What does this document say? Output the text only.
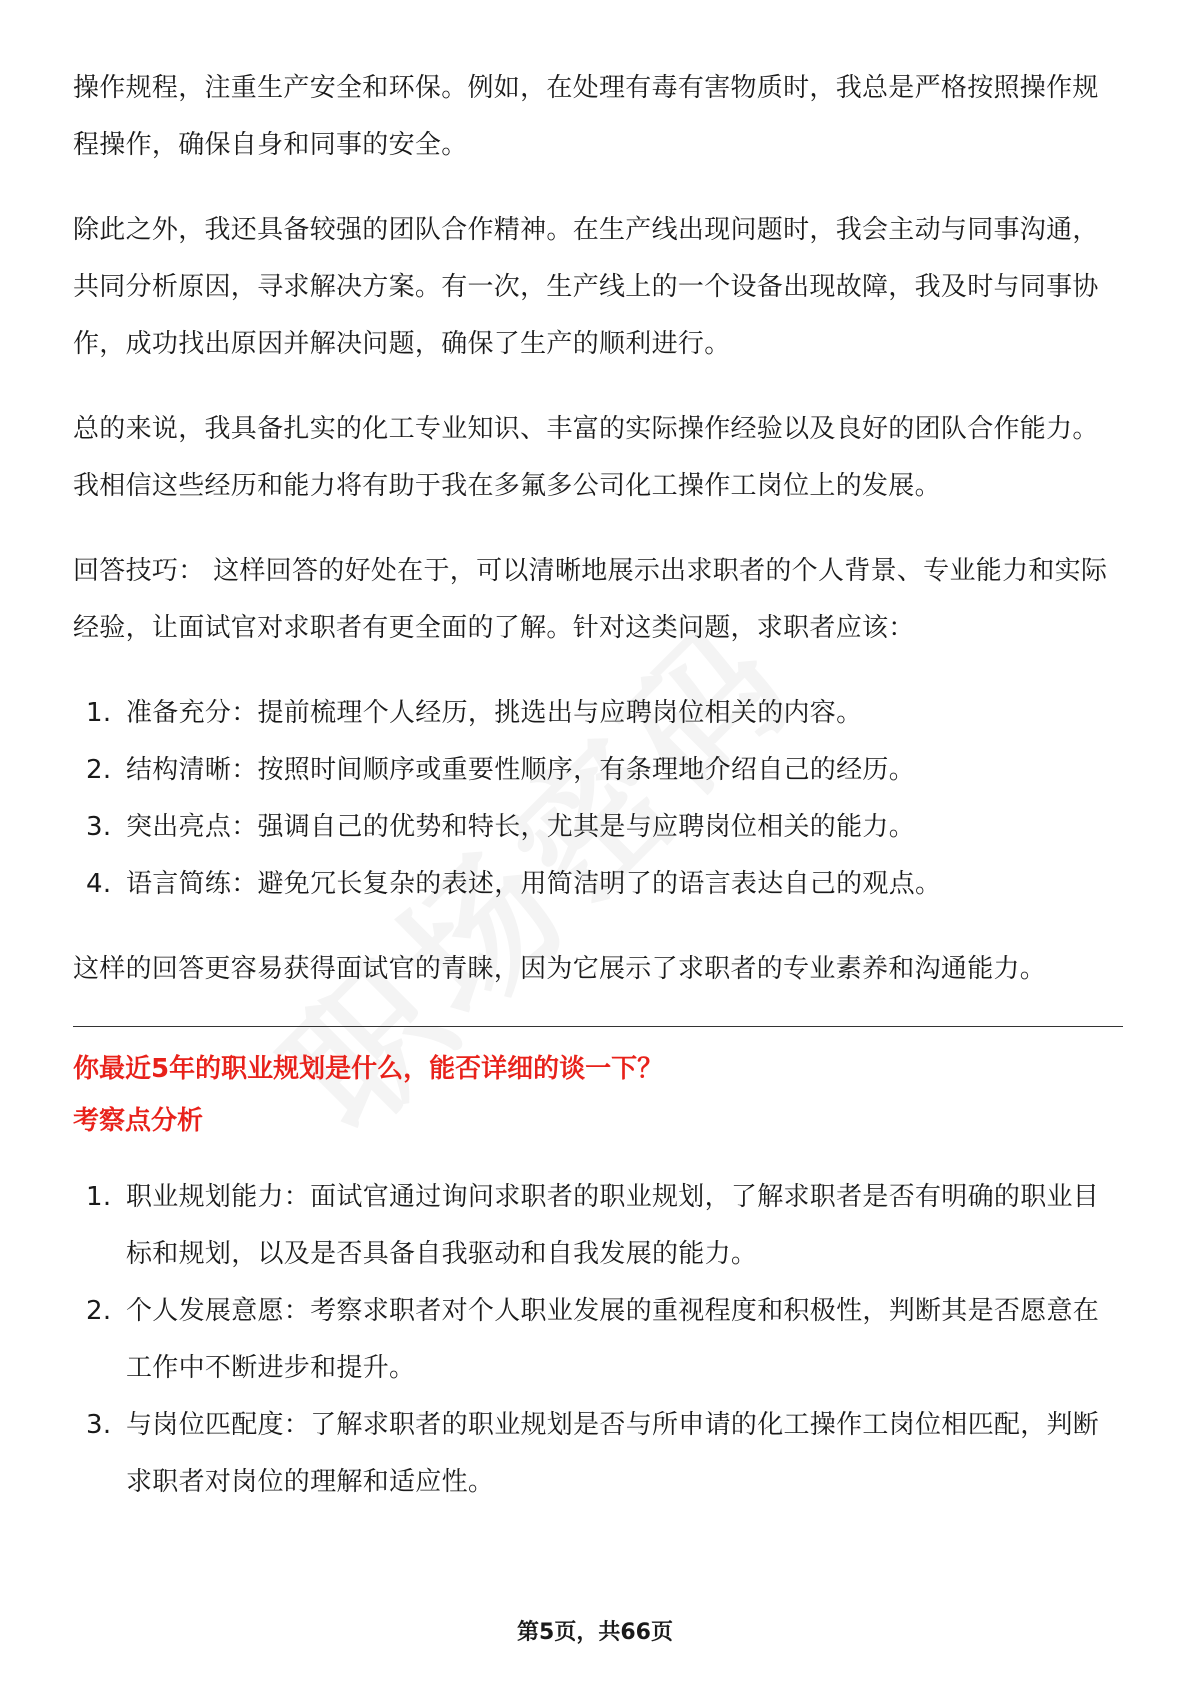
操作规程，注重生产安全和环保。例如，在处理有毒有害物质时，我总是严格按照操作规程操作，确保自身和同事的安全。

除此之外，我还具备较强的团队合作精神。在生产线出现问题时，我会主动与同事沟通，共同分析原因，寻求解决方案。有一次，生产线上的一个设备出现故障，我及时与同事协作，成功找出原因并解决问题，确保了生产的顺利进行。

总的来说，我具备扎实的化工专业知识、丰富的实际操作经验以及良好的团队合作能力。我相信这些经历和能力将有助于我在多氟多公司化工操作工岗位上的发展。

回答技巧： 这样回答的好处在于，可以清晰地展示出求职者的个人背景、专业能力和实际经验，让面试官对求职者有更全面的了解。针对这类问题，求职者应该：

1. 准备充分：提前梳理个人经历，挑选出与应聘岗位相关的内容。
2. 结构清晰：按照时间顺序或重要性顺序，有条理地介绍自己的经历。
3. 突出亮点：强调自己的优势和特长，尤其是与应聘岗位相关的能力。
4. 语言简练：避免冗长复杂的表述，用简洁明了的语言表达自己的观点。

这样的回答更容易获得面试官的青睐，因为它展示了求职者的专业素养和沟通能力。

你最近5年的职业规划是什么，能否详细的谈一下？
考察点分析
1. 职业规划能力：面试官通过询问求职者的职业规划，了解求职者是否有明确的职业目标和规划，以及是否具备自我驱动和自我发展的能力。
2. 个人发展意愿：考察求职者对个人职业发展的重视程度和积极性，判断其是否愿意在工作中不断进步和提升。
3. 与岗位匹配度：了解求职者的职业规划是否与所申请的化工操作工岗位相匹配，判断求职者对岗位的理解和适应性。
第5页，共66页
